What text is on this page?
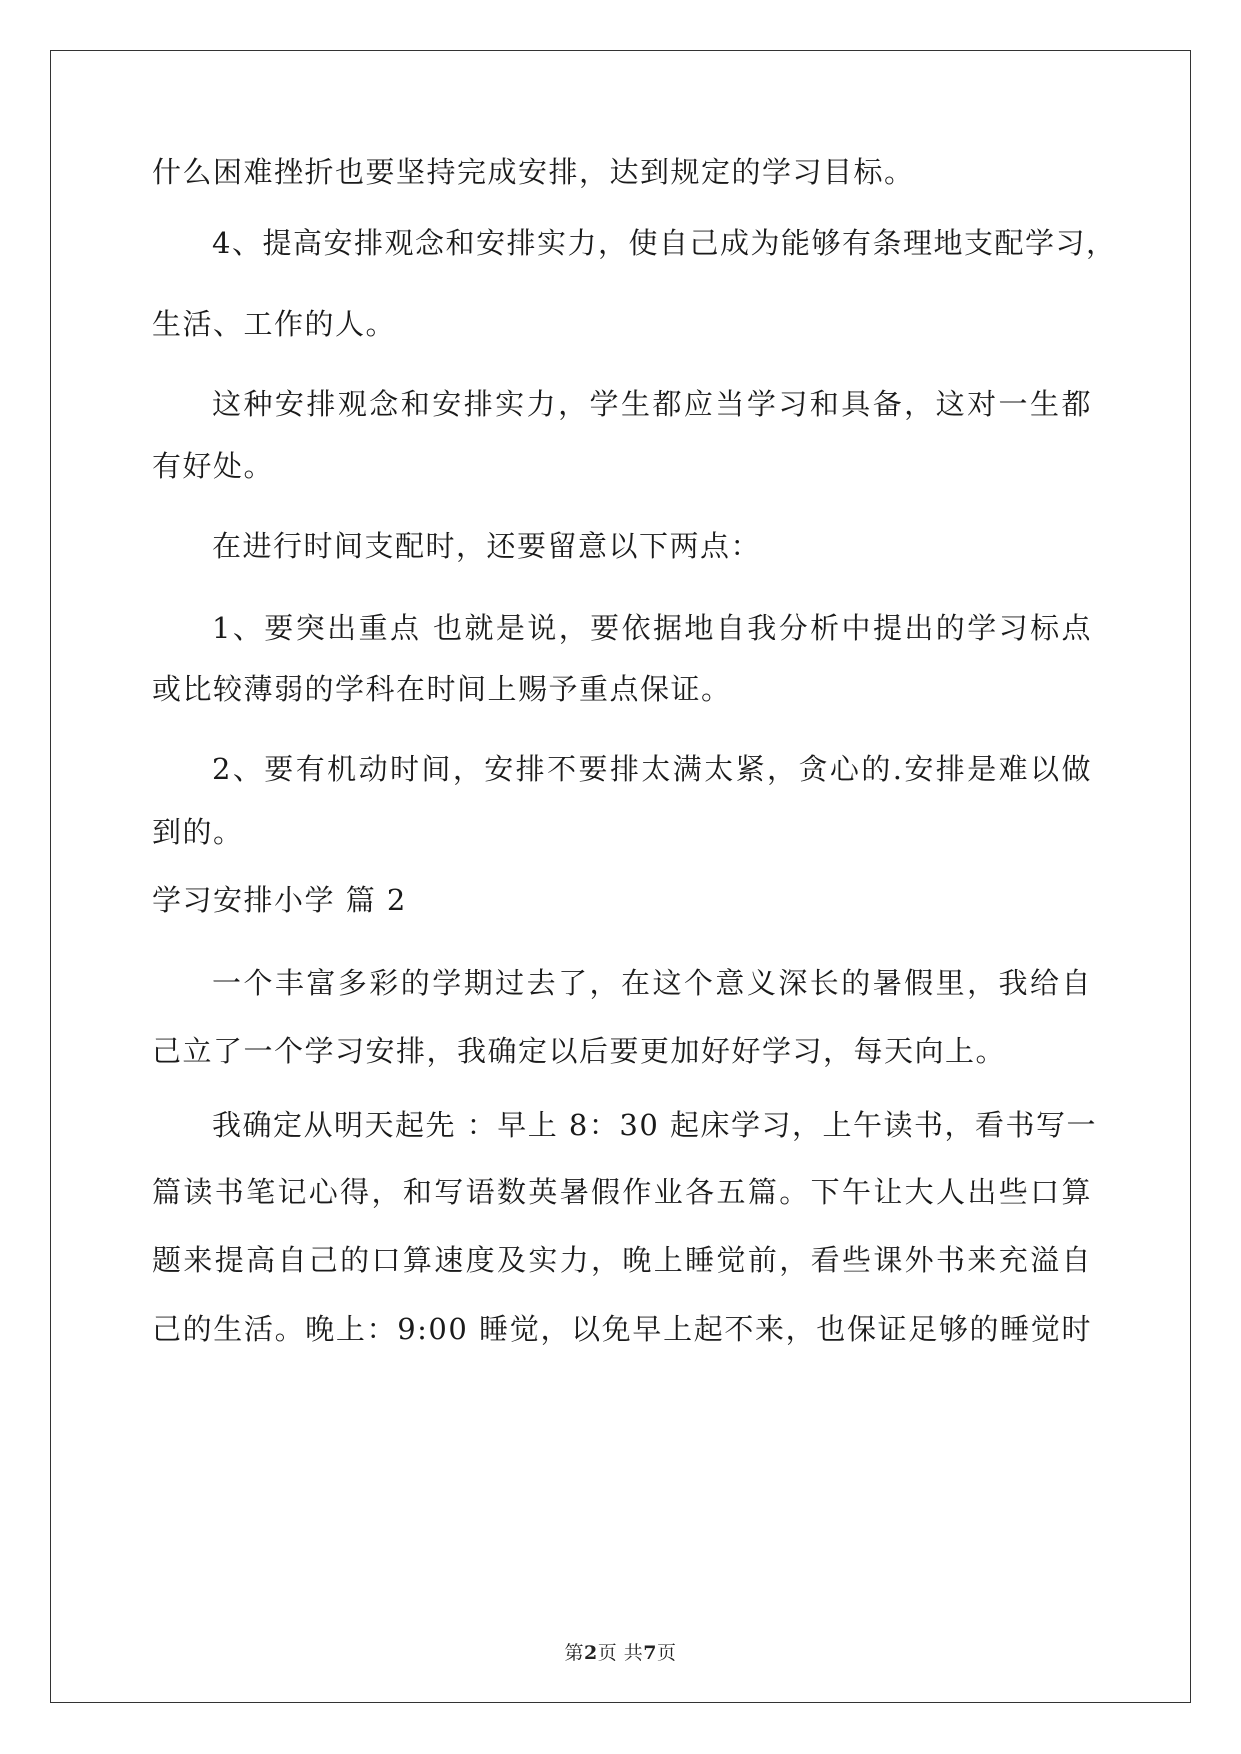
什么困难挫折也要坚持完成安排，达到规定的学习目标。
4、提高安排观念和安排实力，使自己成为能够有条理地支配学习，
生活、工作的人。
这种安排观念和安排实力，学生都应当学习和具备，这对一生都
有好处。
在进行时间支配时，还要留意以下两点：
1、要突出重点 也就是说，要依据地自我分析中提出的学习标点
或比较薄弱的学科在时间上赐予重点保证。
2、要有机动时间，安排不要排太满太紧，贪心的.安排是难以做
到的。
学习安排小学 篇 2
一个丰富多彩的学期过去了，在这个意义深长的暑假里，我给自
己立了一个学习安排，我确定以后要更加好好学习，每天向上。
我确定从明天起先 ：早上 8：30 起床学习，上午读书，看书写一
篇读书笔记心得，和写语数英暑假作业各五篇。下午让大人出些口算
题来提高自己的口算速度及实力，晚上睡觉前，看些课外书来充溢自
己的生活。晚上：9:00 睡觉，以免早上起不来，也保证足够的睡觉时
第2页 共7页
